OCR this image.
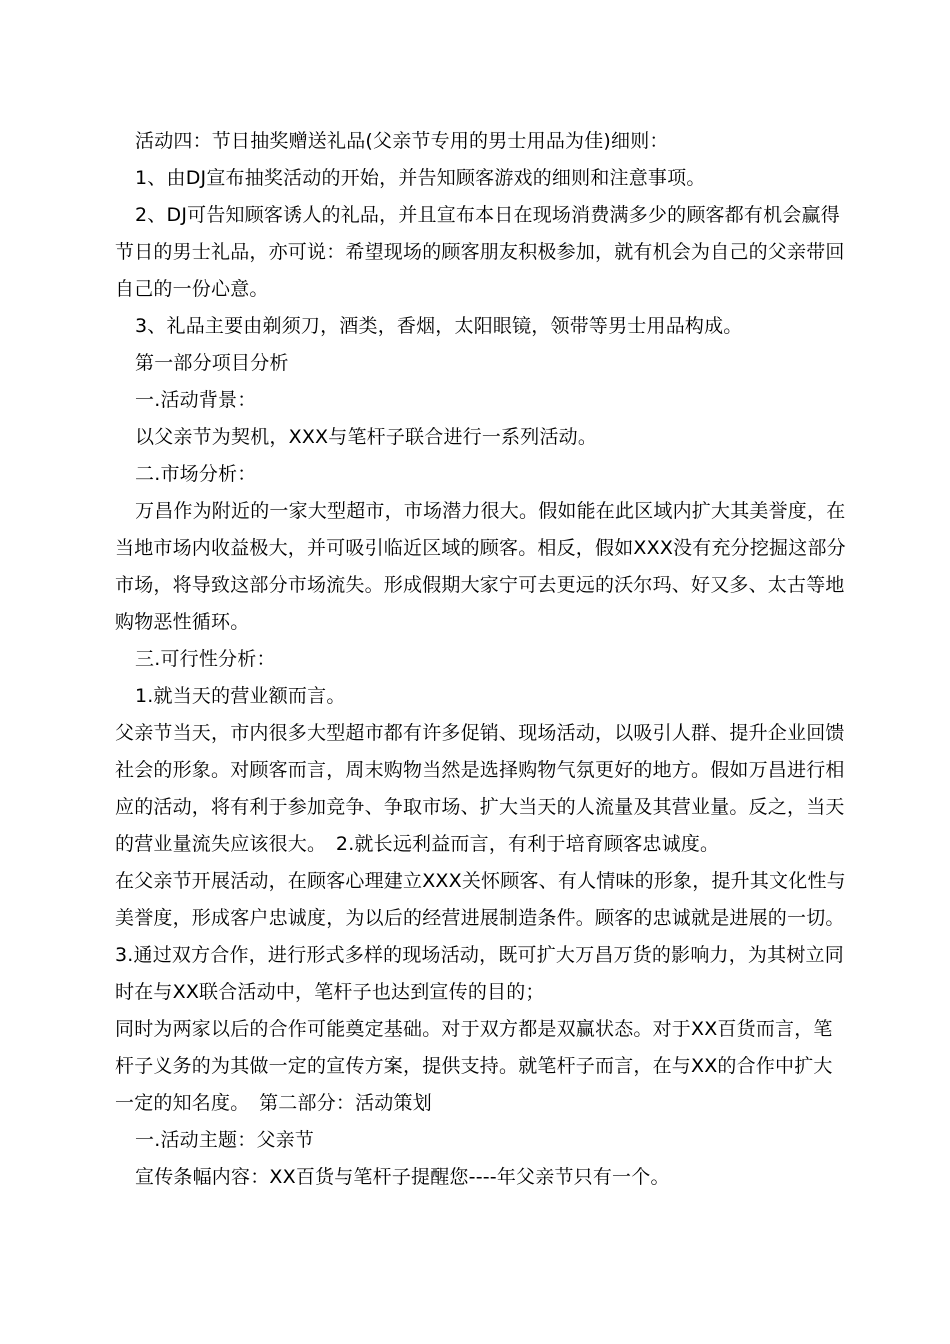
活动四：节日抽奖赠送礼品(父亲节专用的男士用品为佳)细则：

1、由DJ宣布抽奖活动的开始，并告知顾客游戏的细则和注意事项。

2、DJ可告知顾客诱人的礼品，并且宣布本日在现场消费满多少的顾客都有机会赢得节日的男士礼品，亦可说：希望现场的顾客朋友积极参加，就有机会为自己的父亲带回自己的一份心意。

3、礼品主要由剃须刀，酒类，香烟，太阳眼镜，领带等男士用品构成。

第一部分项目分析

一.活动背景：

以父亲节为契机，XXX与笔杆子联合进行一系列活动。

二.市场分析：

万昌作为附近的一家大型超市，市场潜力很大。假如能在此区域内扩大其美誉度，在当地市场内收益极大，并可吸引临近区域的顾客。相反，假如XXX没有充分挖掘这部分市场，将导致这部分市场流失。形成假期大家宁可去更远的沃尔玛、好又多、太古等地购物恶性循环。

三.可行性分析：

1.就当天的营业额而言。

父亲节当天，市内很多大型超市都有许多促销、现场活动，以吸引人群、提升企业回馈社会的形象。对顾客而言，周末购物当然是选择购物气氛更好的地方。假如万昌进行相应的活动，将有利于参加竞争、争取市场、扩大当天的人流量及其营业量。反之，当天的营业量流失应该很大。　2.就长远利益而言，有利于培育顾客忠诚度。

在父亲节开展活动，在顾客心理建立XXX关怀顾客、有人情味的形象，提升其文化性与美誉度，形成客户忠诚度，为以后的经营进展制造条件。顾客的忠诚就是进展的一切。　3.通过双方合作，进行形式多样的现场活动，既可扩大万昌万货的影响力，为其树立同时在与XX联合活动中，笔杆子也达到宣传的目的；

同时为两家以后的合作可能奠定基础。对于双方都是双赢状态。对于XX百货而言，笔杆子义务的为其做一定的宣传方案，提供支持。就笔杆子而言，在与XX的合作中扩大一定的知名度。　第二部分：活动策划

一.活动主题：父亲节

宣传条幅内容：XX百货与笔杆子提醒您----年父亲节只有一个。
